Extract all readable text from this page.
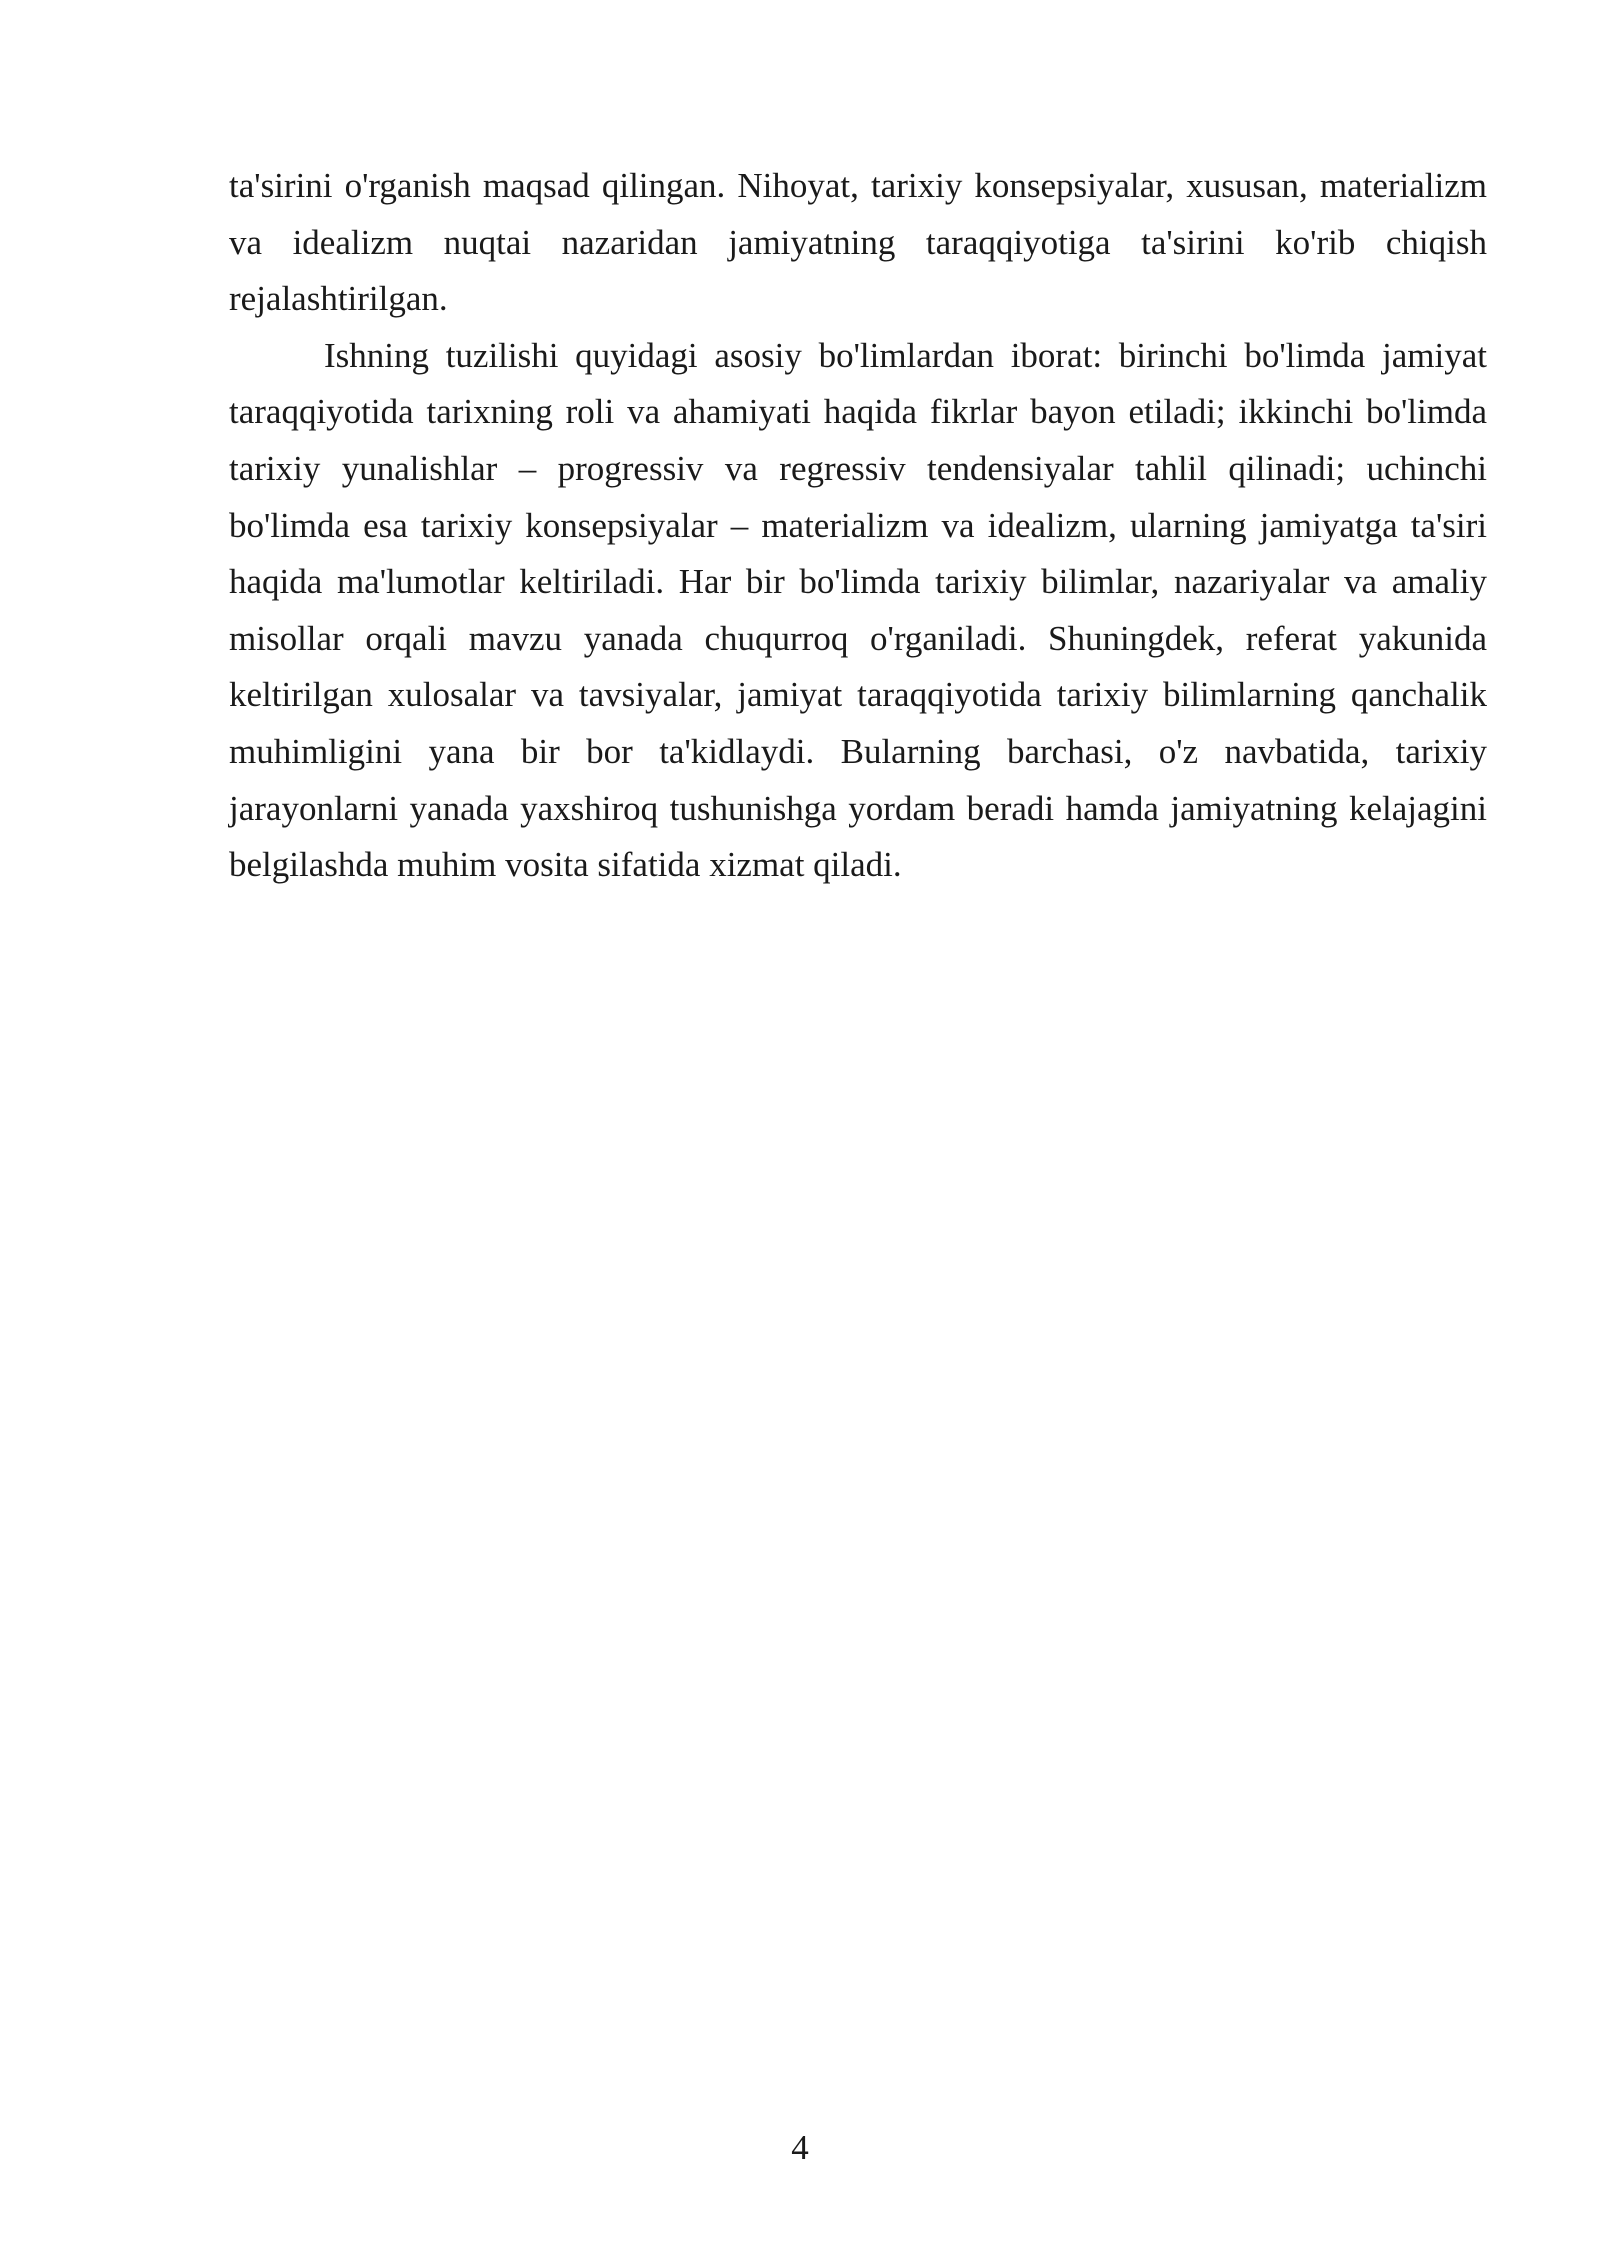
ta'sirini o'rganish maqsad qilingan. Nihoyat, tarixiy konsepsiyalar, xususan, materializm va idealizm nuqtai nazaridan jamiyatning taraqqiyotiga ta'sirini ko'rib chiqish rejalashtirilgan.

Ishning tuzilishi quyidagi asosiy bo'limlardan iborat: birinchi bo'limda jamiyat taraqqiyotida tarixning roli va ahamiyati haqida fikrlar bayon etiladi; ikkinchi bo'limda tarixiy yunalishlar – progressiv va regressiv tendensiyalar tahlil qilinadi; uchinchi bo'limda esa tarixiy konsepsiyalar – materializm va idealizm, ularning jamiyatga ta'siri haqida ma'lumotlar keltiriladi. Har bir bo'limda tarixiy bilimlar, nazariyalar va amaliy misollar orqali mavzu yanada chuqurroq o'rganiladi. Shuningdek, referat yakunida keltirilgan xulosalar va tavsiyalar, jamiyat taraqqiyotida tarixiy bilimlarning qanchalik muhimligini yana bir bor ta'kidlaydi. Bularning barchasi, o'z navbatida, tarixiy jarayonlarni yanada yaxshiroq tushunishga yordam beradi hamda jamiyatning kelajagini belgilashda muhim vosita sifatida xizmat qiladi.

4
